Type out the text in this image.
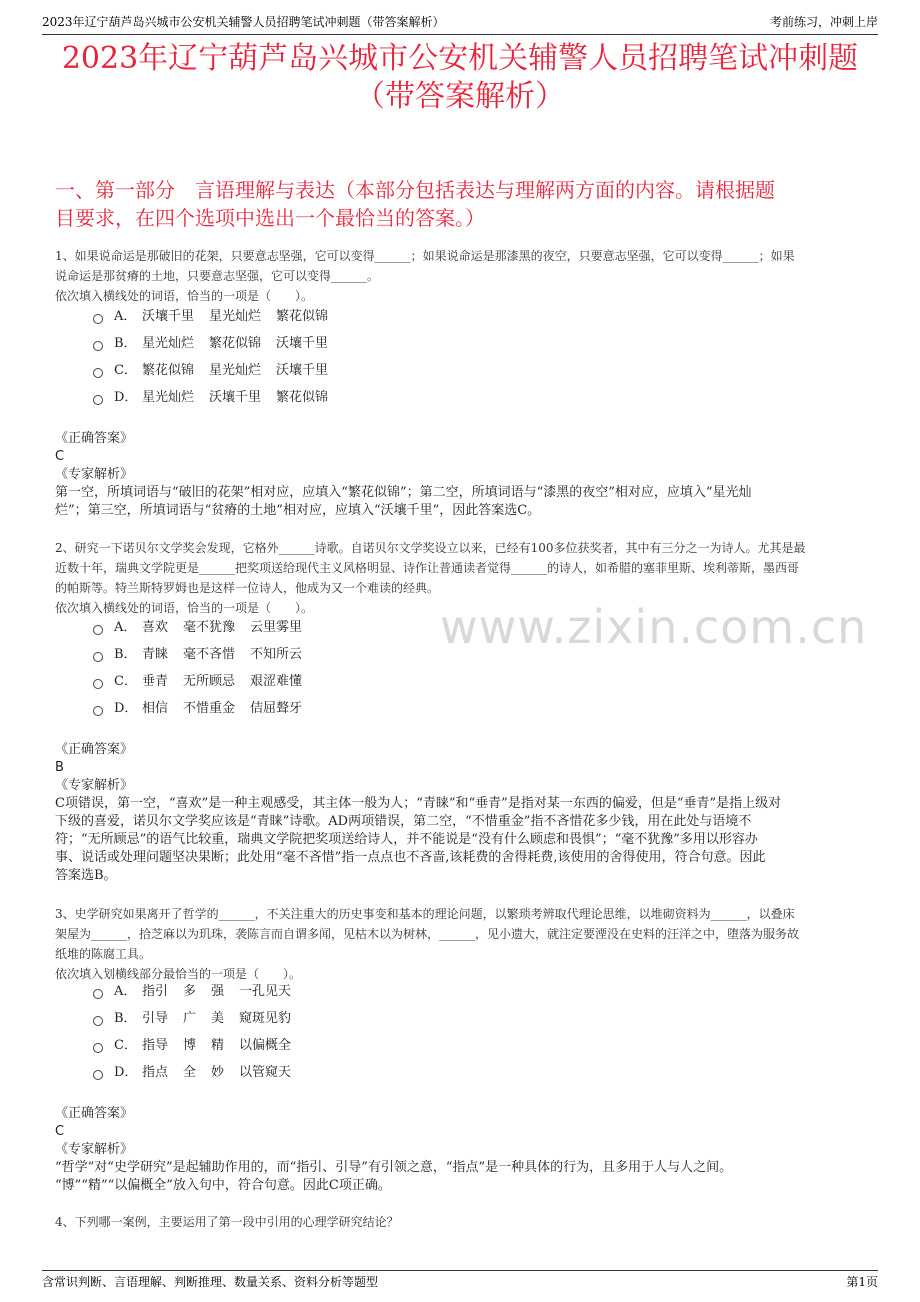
2023年辽宁葫芦岛兴城市公安机关辅警人员招聘笔试冲刺题（带答案解析）	考前练习，冲刺上岸
2023年辽宁葫芦岛兴城市公安机关辅警人员招聘笔试冲刺题
（带答案解析）
一、第一部分　言语理解与表达（本部分包括表达与理解两方面的内容。请根据题
目要求，在四个选项中选出一个最恰当的答案。）
www.zixin.com.cn

1、如果说命运是那破旧的花架，只要意志坚强，它可以变得______；如果说命运是那漆黑的夜空，只要意志坚强，它可以变得______；如果

说命运是那贫瘠的土地，只要意志坚强，它可以变得______。

依次填入横线处的词语，恰当的一项是（　　）。

A． 沃壤千里 星光灿烂 繁花似锦
B． 星光灿烂 繁花似锦 沃壤千里
C． 繁花似锦 星光灿烂 沃壤千里
D． 星光灿烂 沃壤千里 繁花似锦

《正确答案》

C

《专家解析》

第一空，所填词语与“破旧的花架”相对应，应填入“繁花似锦”；第二空，所填词语与“漆黑的夜空”相对应，应填入“星光灿

烂”；第三空，所填词语与“贫瘠的土地”相对应，应填入“沃壤千里”，因此答案选C。

2、研究一下诺贝尔文学奖会发现，它格外______诗歌。自诺贝尔文学奖设立以来，已经有100多位获奖者，其中有三分之一为诗人。尤其是最

近数十年，瑞典文学院更是______把奖项送给现代主义风格明显、诗作让普通读者觉得______的诗人，如希腊的塞菲里斯、埃利蒂斯，墨西哥

的帕斯等。特兰斯特罗姆也是这样一位诗人，他成为又一个难读的经典。

依次填入横线处的词语，恰当的一项是（　　）。

A． 喜欢 毫不犹豫 云里雾里
B． 青睐 毫不吝惜 不知所云
C． 垂青 无所顾忌 艰涩难懂
D． 相信 不惜重金 佶屈聱牙

《正确答案》

B

《专家解析》

C项错误，第一空，“喜欢”是一种主观感受，其主体一般为人；“青睐”和“垂青”是指对某一东西的偏爱，但是“垂青”是指上级对

下级的喜爱，诺贝尔文学奖应该是“青睐”诗歌。AD两项错误，第二空，“不惜重金”指不吝惜花多少钱，用在此处与语境不

符；“无所顾忌”的语气比较重，瑞典文学院把奖项送给诗人，并不能说是“没有什么顾虑和畏惧”；“毫不犹豫”多用以形容办

事、说话或处理问题坚决果断；此处用“毫不吝惜”指一点点也不吝啬,该耗费的舍得耗费,该使用的舍得使用，符合句意。因此

答案选B。

3、史学研究如果离开了哲学的______，不关注重大的历史事变和基本的理论问题，以繁琐考辨取代理论思维，以堆砌资料为______，以叠床

架屋为______，拾芝麻以为玑珠，袭陈言而自谓多闻，见枯木以为树林，______，见小遗大，就注定要湮没在史料的汪洋之中，堕落为服务故

纸堆的陈腐工具。

依次填入划横线部分最恰当的一项是（　　）。

A． 指引 多 强 一孔见天
B． 引导 广 美 窥斑见豹
C． 指导 博 精 以偏概全
D． 指点 全 妙 以管窥天

《正确答案》

C

《专家解析》

“哲学”对“史学研究”是起辅助作用的，而“指引、引导”有引领之意，“指点”是一种具体的行为，且多用于人与人之间。

“博”“精”“以偏概全”放入句中，符合句意。因此C项正确。

4、下列哪一案例，主要运用了第一段中引用的心理学研究结论？

含常识判断、言语理解、判断推理、数量关系、资料分析等题型	第1页
